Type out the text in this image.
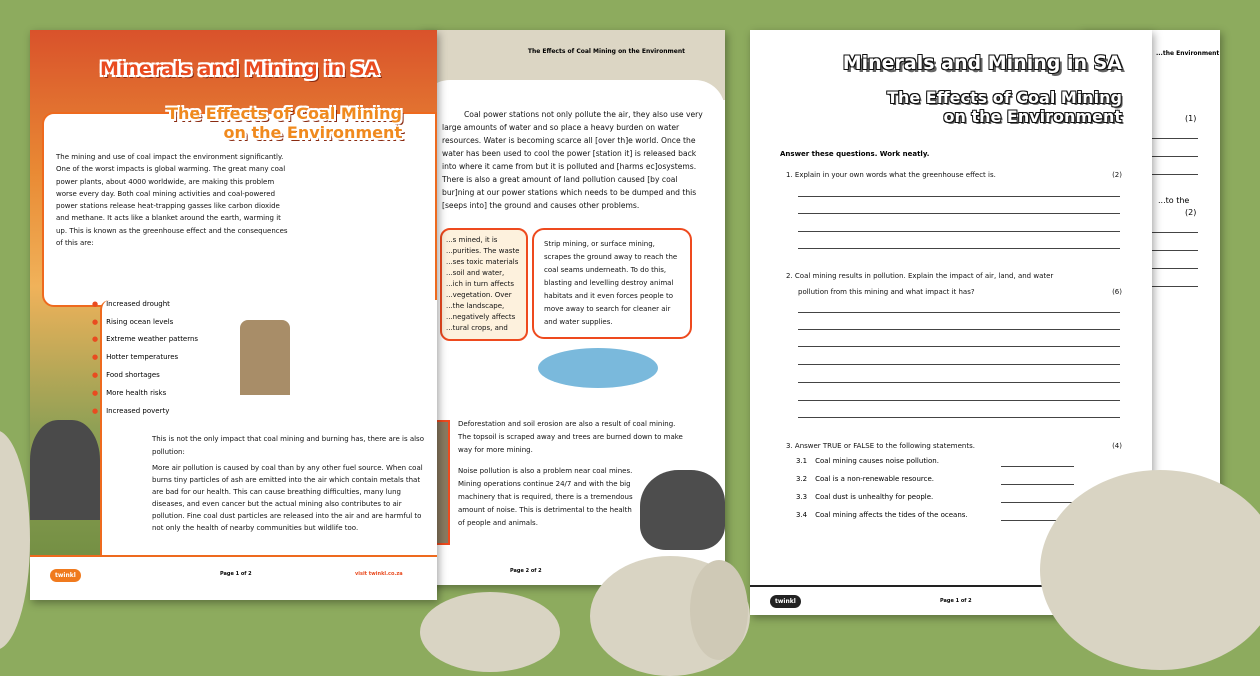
The Effects of Coal Mining on the Environment
Coal power stations not only pollute the air, they also use very large amounts of water and so place a heavy burden on water resources. Water is becoming scarce all [over th]e world. Once the water has been used to cool the power [station it] is released back into where it came from but it is polluted and [harms ec]osystems. There is also a great amount of land pollution caused [by coal bur]ning at our power stations which needs to be dumped and this [seeps into] the ground and causes other problems.
...s mined, it is ...purities. The waste ...ses toxic materials ...soil and water, ...ich in turn affects ...vegetation. Over ...the landscape, ...negatively affects ...tural crops, and
Strip mining, or surface mining, scrapes the ground away to reach the coal seams underneath. To do this, blasting and levelling destroy animal habitats and it even forces people to move away to search for cleaner air and water supplies.
Deforestation and soil erosion are also a result of coal mining. The topsoil is scraped away and trees are burned down to make way for more mining.
Noise pollution is also a problem near coal mines. Mining operations continue 24/7 and with the big machinery that is required, there is a tremendous amount of noise. This is detrimental to the health of people and animals.
Page 2 of 2
Minerals and Mining in SA
The Effects of Coal Mining
on the Environment
The mining and use of coal impact the environment significantly. One of the worst impacts is global warming. The great many coal power plants, about 4000 worldwide, are making this problem worse every day. Both coal mining activities and coal-powered power stations release heat-trapping gasses like carbon dioxide and methane. It acts like a blanket around the earth, warming it up. This is known as the greenhouse effect and the consequences of this are:
● Increased drought
● Rising ocean levels
● Extreme weather patterns
● Hotter temperatures
● Food shortages
● More health risks
● Increased poverty
This is not the only impact that coal mining and burning has, there are is also pollution:
More air pollution is caused by coal than by any other fuel source. When coal burns tiny particles of ash are emitted into the air which contain metals that are bad for our health. This can cause breathing difficulties, many lung diseases, and even cancer but the actual mining also contributes to air pollution. Fine coal dust particles are released into the air and are harmful to not only the health of nearby communities but wildlife too.
twinkl	Page 1 of 2	visit twinkl.co.za
...the Environment
(1)
...to the
(2)
Minerals and Mining in SA
The Effects of Coal Mining
on the Environment
Answer these questions. Work neatly.
1. Explain in your own words what the greenhouse effect is.	(2)
2. Coal mining results in pollution. Explain the impact of air, land, and water
pollution from this mining and what impact it has?	(6)
3. Answer TRUE or FALSE to the following statements.	(4)
3.1 Coal mining causes noise pollution.
3.2 Coal is a non-renewable resource.
3.3 Coal dust is unhealthy for people.
3.4 Coal mining affects the tides of the oceans.
twinkl	Page 1 of 2
